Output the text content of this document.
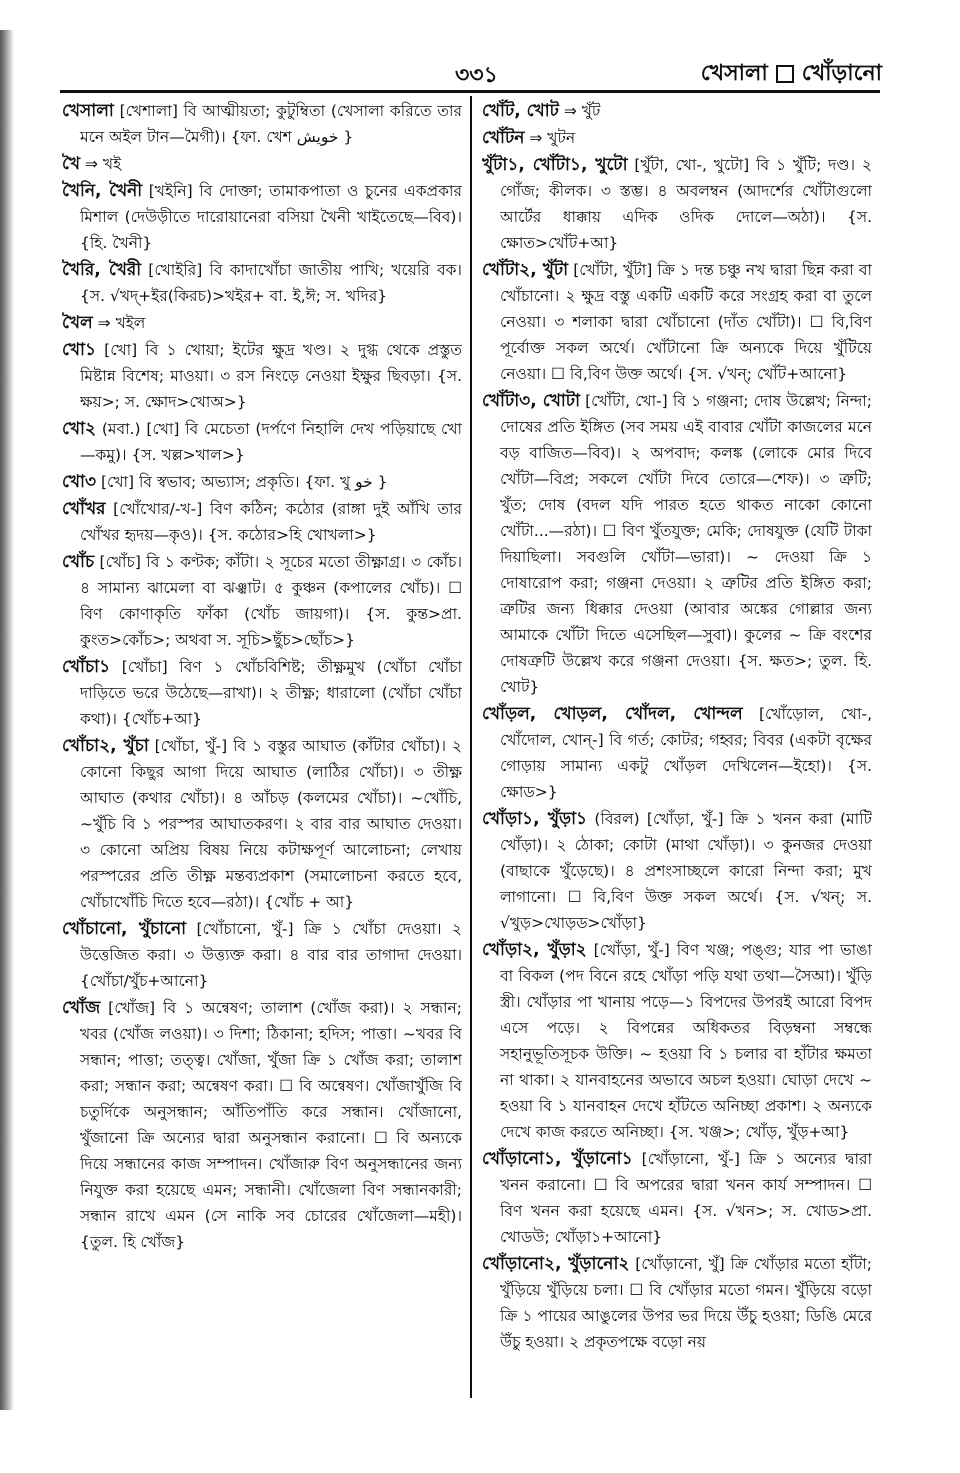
৩৩১	খেসালা খোঁড়ানো

খেসালা [খেশালা] বি আত্মীয়তা; কুটুম্বিতা (খেসালা করিতে তার মনে অইল টান—মৈগী)। {ফা. খেশ خویش }

খৈ ⇒ খই

খৈনি, খৈনী [খইনি] বি দোক্তা; তামাকপাতা ও চুনের একপ্রকার মিশাল (দেউড়ীতে দারোয়ানেরা বসিয়া খৈনী খাইতেছে—বিব)। {হি. খৈনী}

খৈরি, খৈরী [খোইরি] বি কাদাখোঁচা জাতীয় পাখি; খয়েরি বক। {স. √খদ্+ইর(কিরচ)>খইর+ বা. ই,ঈ; স. খদির}

খৈল ⇒ খইল

খো১ [খো] বি ১ খোয়া; ইটের ক্ষুদ্র খণ্ড। ২ দুগ্ধ থেকে প্রস্তুত মিষ্টান্ন বিশেষ; মাওয়া। ৩ রস নিংড়ে নেওয়া ইক্ষুর ছিবড়া। {স. ক্ষয়>; স. ক্ষোদ>খোঅ>}

খো২ (মবা.) [খো] বি মেচেতা (দর্পণে নিহালি দেখ পড়িয়াছে খো—কমু)। {স. খল্ল>খাল>}

খো৩ [খো] বি স্বভাব; অভ্যাস; প্রকৃতি। {ফা. খু خو }

খোঁখর [খোঁখোর/-খ-] বিণ কঠিন; কঠোর (রাঙ্গা দুই আঁখি তার খোঁখর হৃদয়—কৃও)। {স. কঠোর>হি খোখলা>}

খোঁচ [খোঁচ] বি ১ কণ্টক; কাঁটা। ২ সূচের মতো তীক্ষ্ণাগ্র। ৩ কোঁচ। ৪ সামান্য ঝামেলা বা ঝঞ্ঝাট। ৫ কুঞ্চন (কপালের খোঁচ)। ☐ বিণ কোণাকৃতি ফাঁকা (খোঁচ জায়গা)। {স. কুন্ত>প্রা. কুংত>কোঁচ>; অথবা স. সূচি>ছুঁচ>ছোঁচ>}

খোঁচা১ [খোঁচা] বিণ ১ খোঁচবিশিষ্ট; তীক্ষ্ণমুখ (খোঁচা খোঁচা দাড়িতে ভরে উঠেছে—রাখা)। ২ তীক্ষ্ণ; ধারালো (খোঁচা খোঁচা কথা)। {খোঁচ+আ}

খোঁচা২, খুঁচা [খোঁচা, খুঁ-] বি ১ বস্তুর আঘাত (কাঁটার খোঁচা)। ২ কোনো কিছুর আগা দিয়ে আঘাত (লাঠির খোঁচা)। ৩ তীক্ষ্ণ আঘাত (কথার খোঁচা)। ৪ আঁচড় (কলমের খোঁচা)। ~খোঁচি, ~খুঁচি বি ১ পরস্পর আঘাতকরণ। ২ বার বার আঘাত দেওয়া। ৩ কোনো অপ্রিয় বিষয় নিয়ে কটাক্ষপূর্ণ আলোচনা; লেখায় পরস্পরের প্রতি তীক্ষ্ণ মন্তব্যপ্রকাশ (সমালোচনা করতে হবে, খোঁচাখোঁচি দিতে হবে—রঠা)। {খোঁচ + আ}

খোঁচানো, খুঁচানো [খোঁচানো, খুঁ-] ক্রি ১ খোঁচা দেওয়া। ২ উত্তেজিত করা। ৩ উত্ত্যক্ত করা। ৪ বার বার তাগাদা দেওয়া। {খোঁচা/খুঁচ+আনো}

খোঁজ [খোঁজ] বি ১ অন্বেষণ; তালাশ (খোঁজ করা)। ২ সন্ধান; খবর (খোঁজ লওয়া)। ৩ দিশা; ঠিকানা; হদিস; পাত্তা। ~খবর বি সন্ধান; পাত্তা; তত্ত্ব। খোঁজা, খুঁজা ক্রি ১ খোঁজ করা; তালাশ করা; সন্ধান করা; অন্বেষণ করা। ☐ বি অন্বেষণ। খোঁজাখুঁজি বি চতুর্দিকে অনুসন্ধান; আঁতিপাঁতি করে সন্ধান। খোঁজানো, খুঁজানো ক্রি অন্যের দ্বারা অনুসন্ধান করানো। ☐ বি অন্যকে দিয়ে সন্ধানের কাজ সম্পাদন। খোঁজারু বিণ অনুসন্ধানের জন্য নিযুক্ত করা হয়েছে এমন; সন্ধানী। খোঁজেলা বিণ সন্ধানকারী; সন্ধান রাখে এমন (সে নাকি সব চোরের খোঁজেলা—মহী)। {তুল. হি খোঁজ}

খোঁট, খোট ⇒ খুঁট

খোঁটন ⇒ খুটন

খুঁটা১, খোঁটা১, খুটো [খুঁটা, খো-, খুটো] বি ১ খুঁটি; দণ্ড। ২ গোঁজ; কীলক। ৩ স্তম্ভ। ৪ অবলম্বন (আদর্শের খোঁটাগুলো আর্টের ধাক্কায় এদিক ওদিক দোলে—অঠা)। {স. ক্ষোত>খোঁট+আ}

খোঁটা২, খুঁটা [খোঁটা, খুঁটা] ক্রি ১ দন্ত চঞ্চু নখ দ্বারা ছিন্ন করা বা খোঁচানো। ২ ক্ষুদ্র বস্তু একটি একটি করে সংগ্রহ করা বা তুলে নেওয়া। ৩ শলাকা দ্বারা খোঁচানো (দাঁত খোঁটা)। ☐ বি,বিণ পূর্বোক্ত সকল অর্থে। খোঁটানো ক্রি অন্যকে দিয়ে খুঁটিয়ে নেওয়া। ☐ বি,বিণ উক্ত অর্থে। {স. √খন্; খোঁট+আনো}

খোঁটা৩, খোটা [খোঁটা, খো-] বি ১ গঞ্জনা; দোষ উল্লেখ; নিন্দা; দোষের প্রতি ইঙ্গিত (সব সময় এই বাবার খোঁটা কাজলের মনে বড় বাজিত—বিব)। ২ অপবাদ; কলঙ্ক (লোকে মোর দিবে খোঁটা—বিপ্র; সকলে খোঁটা দিবে তোরে—শেফ)। ৩ ত্রুটি; খুঁত; দোষ (বদল যদি পারত হতে থাকত নাকো কোনো খোঁটা...—রঠা)। ☐ বিণ খুঁতযুক্ত; মেকি; দোষযুক্ত (যেটি টাকা দিয়াছিলা। সবগুলি খোঁটা—ভারা)। ~ দেওয়া ক্রি ১ দোষারোপ করা; গঞ্জনা দেওয়া। ২ ত্রুটির প্রতি ইঙ্গিত করা; ত্রুটির জন্য ধিক্কার দেওয়া (আবার অঙ্কের গোল্লার জন্য আমাকে খোঁটা দিতে এসেছিল—সুবা)। কুলের ~ ক্রি বংশের দোষত্রুটি উল্লেখ করে গঞ্জনা দেওয়া। {স. ক্ষত>; তুল. হি. খোট}

খোঁড়ল, খোড়ল, খোঁদল, খোন্দল [খোঁড়োল, খো-, খোঁদোল, খোন্-] বি গর্ত; কোটর; গহ্বর; বিবর (একটা বৃক্ষের গোড়ায় সামান্য একটু খোঁড়ল দেখিলেন—ইহো)। {স. ক্ষোড>}

খোঁড়া১, খুঁড়া১ (বিরল) [খোঁড়া, খুঁ-] ক্রি ১ খনন করা (মাটি খোঁড়া)। ২ ঠোকা; কোটা (মাথা খোঁড়া)। ৩ কুনজর দেওয়া (বাছাকে খুঁড়েছে)। ৪ প্রশংসাচ্ছলে কারো নিন্দা করা; মুখ লাগানো। ☐ বি,বিণ উক্ত সকল অর্থে। {স. √খন্; স. √খুড়>খোড়ড>খোঁড়া}

খোঁড়া২, খুঁড়া২ [খোঁড়া, খুঁ-] বিণ খঞ্জ; পঙ্গু; যার পা ভাঙা বা বিকল (পদ বিনে রহে খোঁড়া পড়ি যথা তথা—সৈআ)। খুঁড়ি স্ত্রী। খোঁড়ার পা খানায় পড়ে—১ বিপদের উপরই আরো বিপদ এসে পড়ে। ২ বিপন্নের অধিকতর বিড়ম্বনা সম্বন্ধে সহানুভূতিসূচক উক্তি। ~ হওয়া বি ১ চলার বা হাঁটার ক্ষমতা না থাকা। ২ যানবাহনের অভাবে অচল হওয়া। ঘোড়া দেখে ~ হওয়া বি ১ যানবাহন দেখে হাঁটতে অনিচ্ছা প্রকাশ। ২ অন্যকে দেখে কাজ করতে অনিচ্ছা। {স. খঞ্জ>; খোঁড়, খুঁড়+আ}

খোঁড়ানো১, খুঁড়ানো১ [খোঁড়ানো, খুঁ-] ক্রি ১ অন্যের দ্বারা খনন করানো। ☐ বি অপরের দ্বারা খনন কার্য সম্পাদন। ☐ বিণ খনন করা হয়েছে এমন। {স. √খন>; স. খোড>প্রা. খোডউ; খোঁড়া১+আনো}

খোঁড়ানো২, খুঁড়ানো২ [খোঁড়ানো, খুঁ] ক্রি খোঁড়ার মতো হাঁটা; খুঁড়িয়ে খুঁড়িয়ে চলা। ☐ বি খোঁড়ার মতো গমন। খুঁড়িয়ে বড়ো ক্রি ১ পায়ের আঙুলের উপর ভর দিয়ে উঁচু হওয়া; ডিঙি মেরে উঁচু হওয়া। ২ প্রকৃতপক্ষে বড়ো নয়
